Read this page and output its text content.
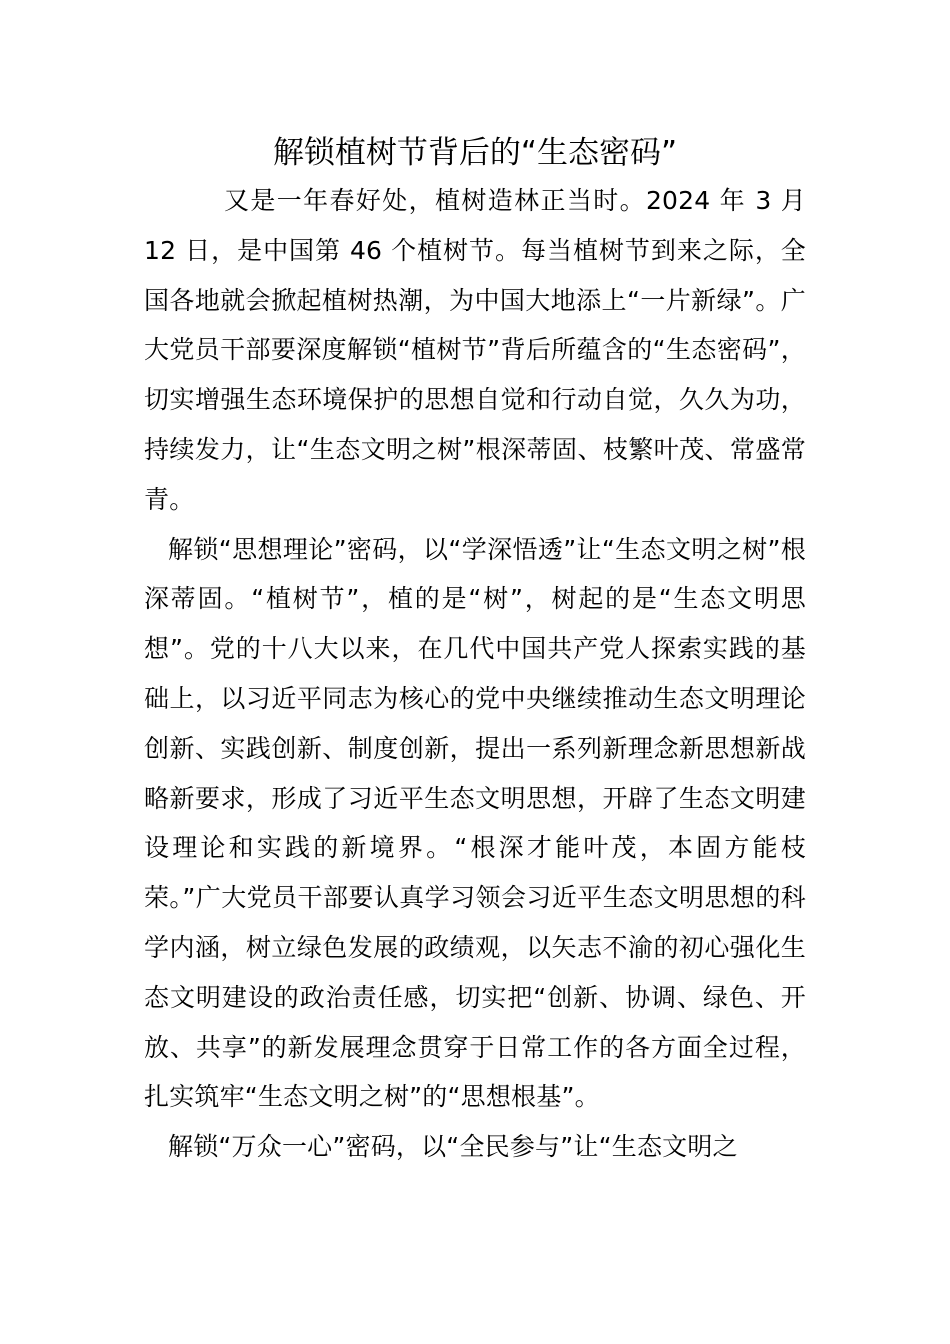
解锁植树节背后的“生态密码”

又是一年春好处，植树造林正当时。2024 年 3 月 12 日，是中国第 46 个植树节。每当植树节到来之际，全国各地就会掀起植树热潮，为中国大地添上“一片新绿”。广大党员干部要深度解锁“植树节”背后所蕴含的“生态密码”，切实增强生态环境保护的思想自觉和行动自觉，久久为功，持续发力，让“生态文明之树”根深蒂固、枝繁叶茂、常盛常青。

解锁“思想理论”密码，以“学深悟透”让“生态文明之树”根深蒂固。“植树节”，植的是“树”，树起的是“生态文明思想”。党的十八大以来，在几代中国共产党人探索实践的基础上，以习近平同志为核心的党中央继续推动生态文明理论创新、实践创新、制度创新，提出一系列新理念新思想新战略新要求，形成了习近平生态文明思想，开辟了生态文明建设理论和实践的新境界。“根深才能叶茂，本固方能枝荣。”广大党员干部要认真学习领会习近平生态文明思想的科学内涵，树立绿色发展的政绩观，以矢志不渝的初心强化生态文明建设的政治责任感，切实把“创新、协调、绿色、开放、共享”的新发展理念贯穿于日常工作的各方面全过程，扎实筑牢“生态文明之树”的“思想根基”。

解锁“万众一心”密码，以“全民参与”让“生态文明之
